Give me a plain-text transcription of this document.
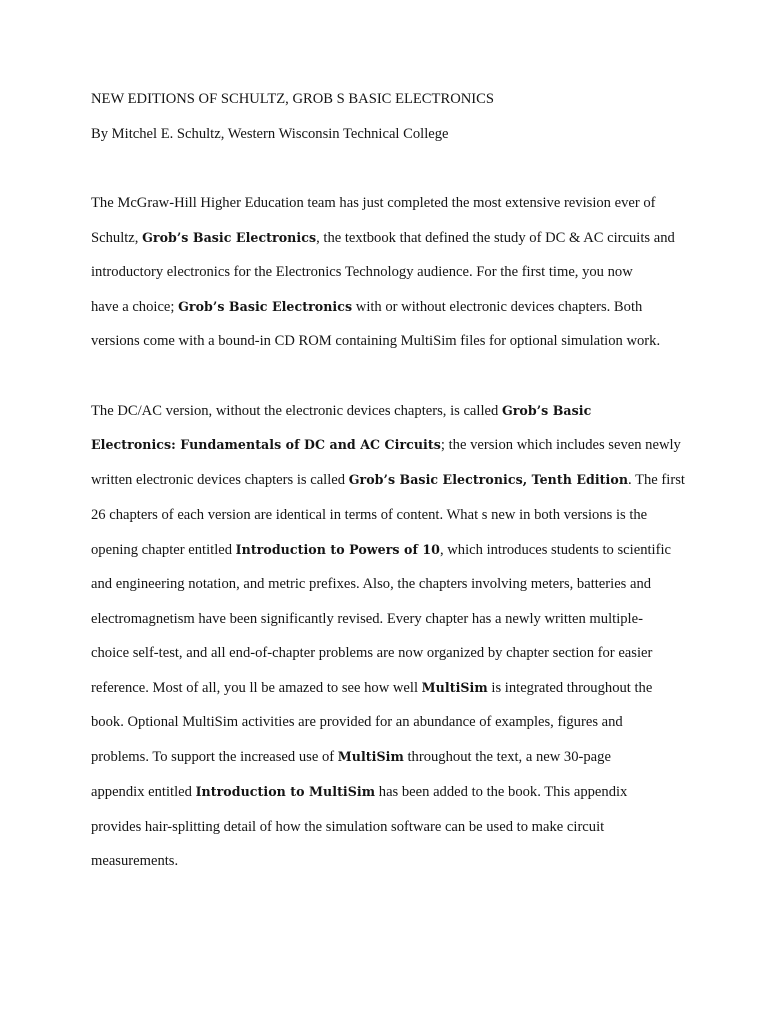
NEW EDITIONS OF SCHULTZ, GROB S BASIC ELECTRONICS
By Mitchel E. Schultz, Western Wisconsin Technical College
The McGraw-Hill Higher Education team has just completed the most extensive revision ever of
Schultz, Grob’s Basic Electronics, the textbook that defined the study of DC & AC circuits and
introductory electronics for the Electronics Technology audience. For the first time, you now
have a choice; Grob’s Basic Electronics with or without electronic devices chapters. Both
versions come with a bound-in CD ROM containing MultiSim files for optional simulation work.
The DC/AC version, without the electronic devices chapters, is called Grob’s Basic
Electronics: Fundamentals of DC and AC Circuits; the version which includes seven newly
written electronic devices chapters is called Grob’s Basic Electronics, Tenth Edition. The first
26 chapters of each version are identical in terms of content. What s new in both versions is the
opening chapter entitled Introduction to Powers of 10, which introduces students to scientific
and engineering notation, and metric prefixes. Also, the chapters involving meters, batteries and
electromagnetism have been significantly revised. Every chapter has a newly written multiple-
choice self-test, and all end-of-chapter problems are now organized by chapter section for easier
reference. Most of all, you ll be amazed to see how well MultiSim is integrated throughout the
book. Optional MultiSim activities are provided for an abundance of examples, figures and
problems. To support the increased use of MultiSim throughout the text, a new 30-page
appendix entitled Introduction to MultiSim has been added to the book. This appendix
provides hair-splitting detail of how the simulation software can be used to make circuit
measurements.
